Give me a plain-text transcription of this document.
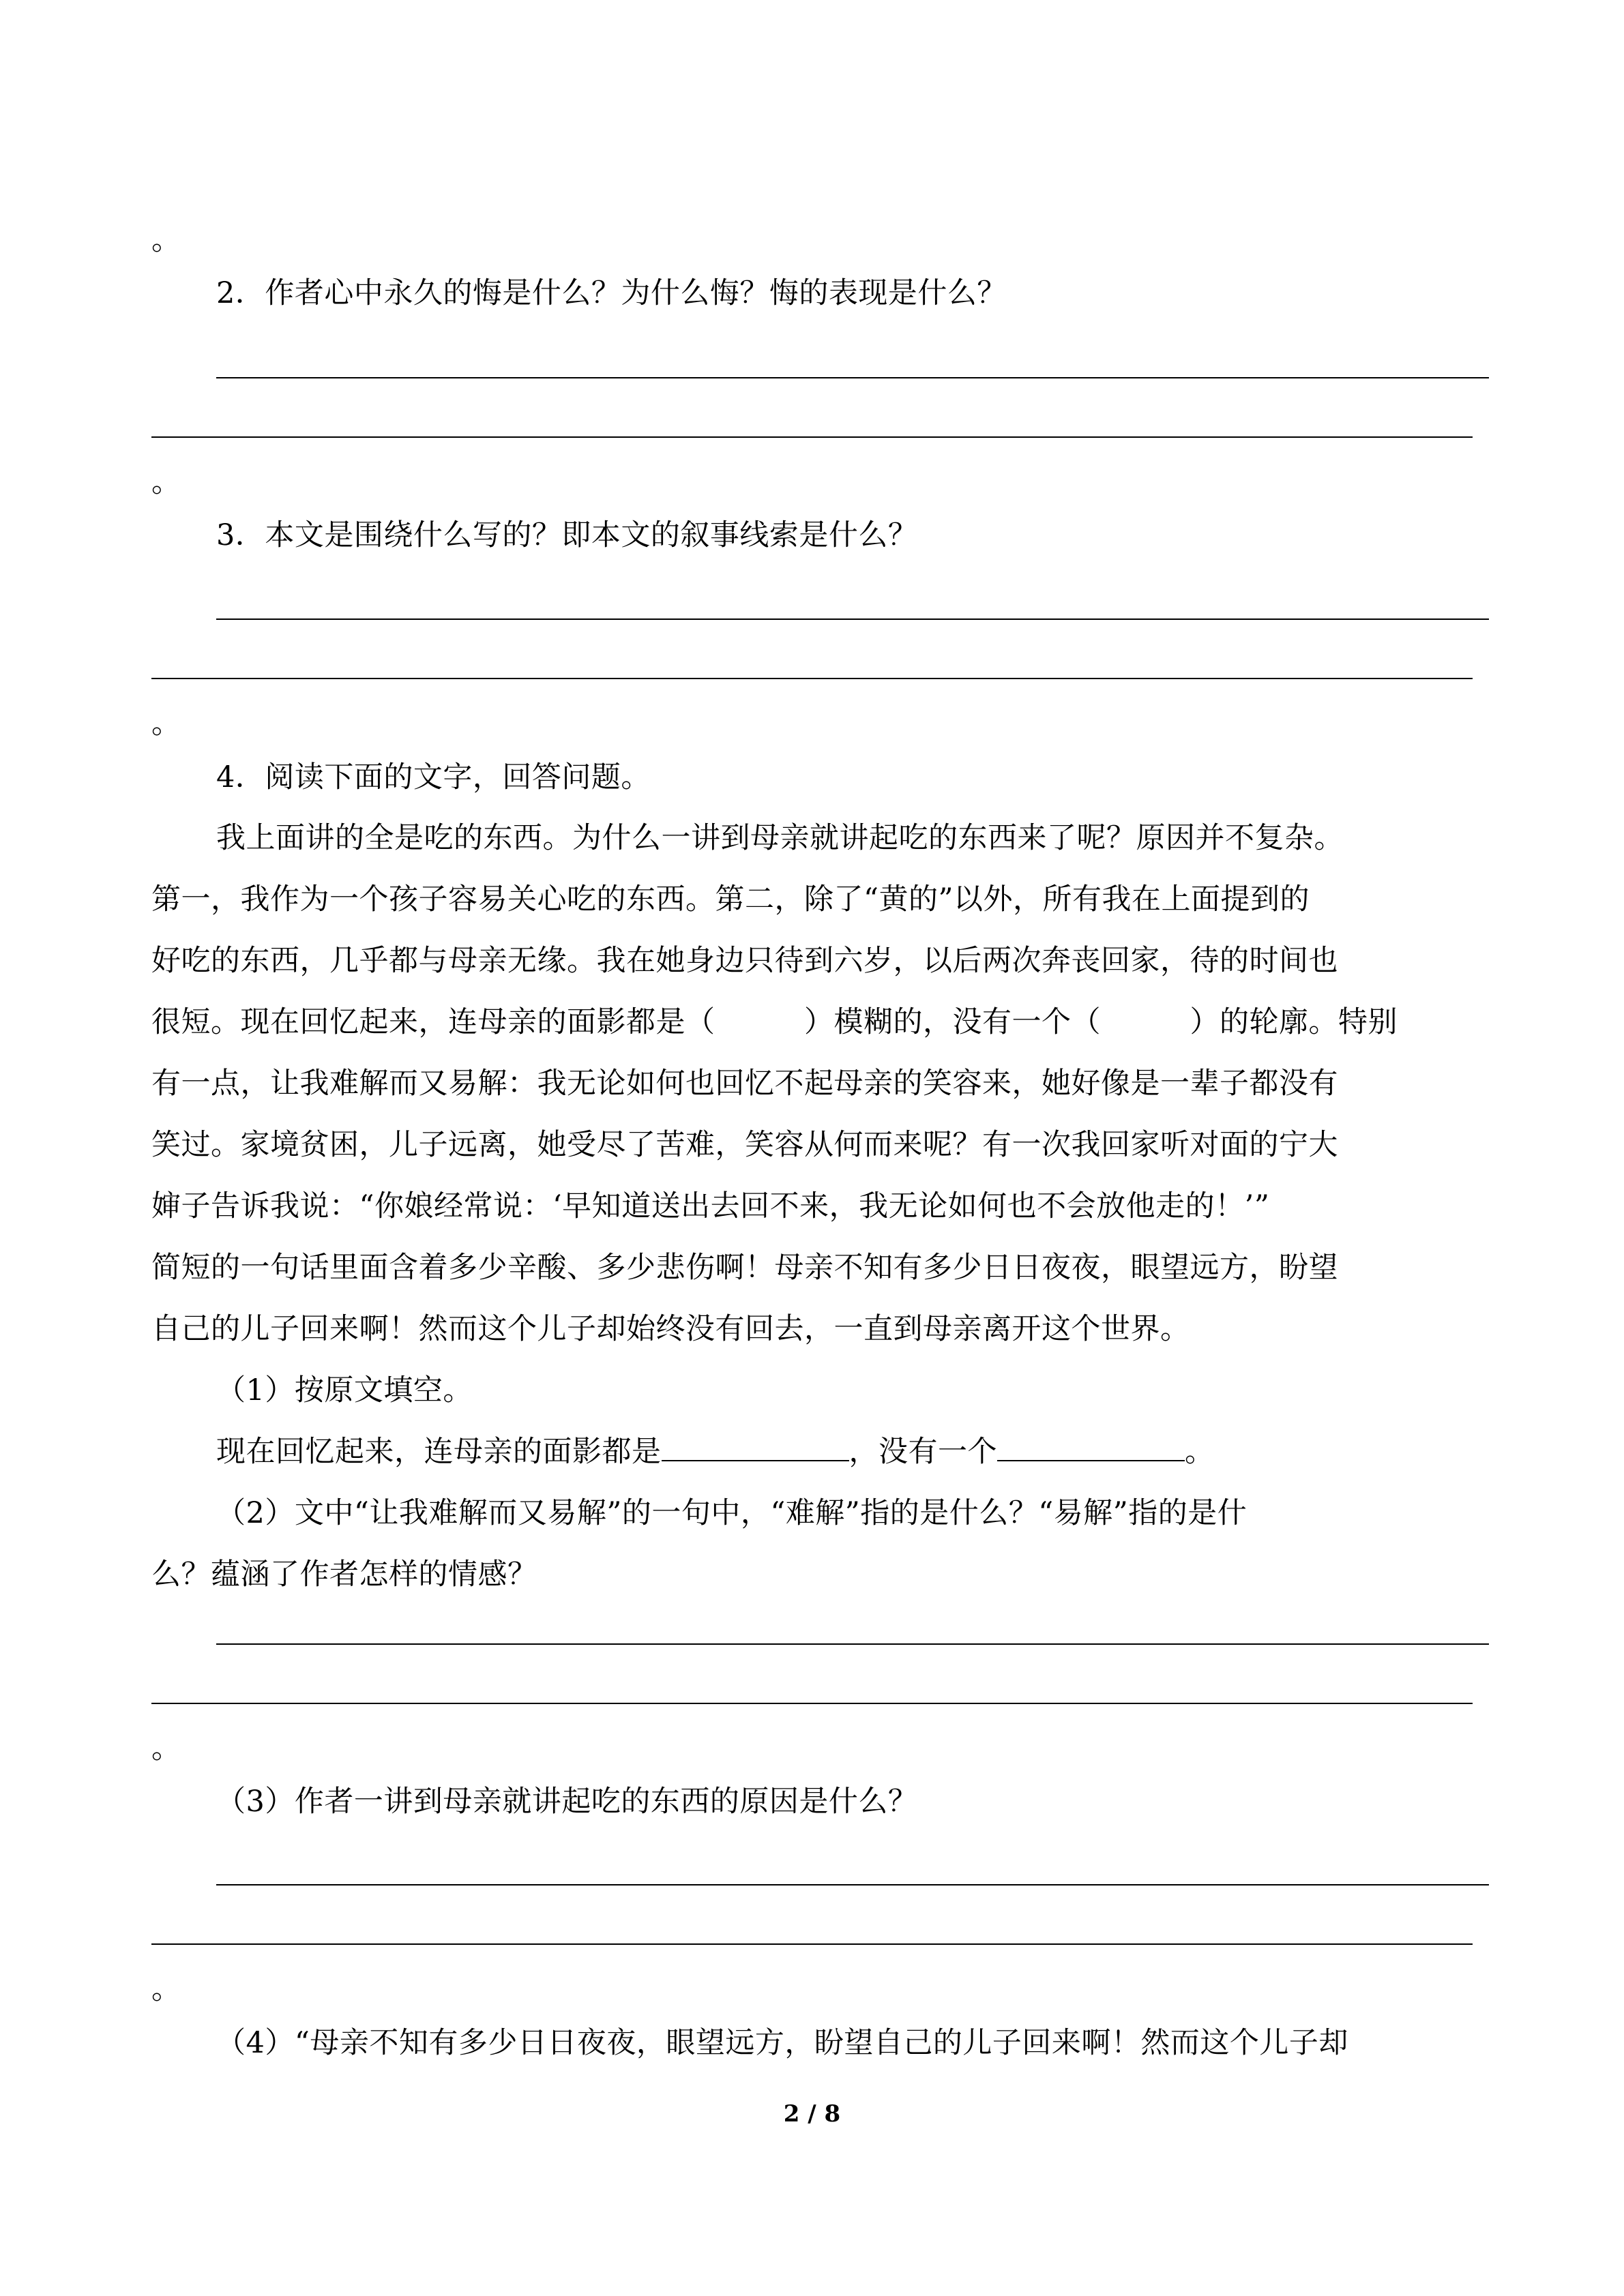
。
2．作者心中永久的悔是什么？为什么悔？悔的表现是什么？
。
3．本文是围绕什么写的？即本文的叙事线索是什么？
。
4．阅读下面的文字，回答问题。
我上面讲的全是吃的东西。为什么一讲到母亲就讲起吃的东西来了呢？原因并不复杂。
第一，我作为一个孩子容易关心吃的东西。第二，除了“黄的”以外，所有我在上面提到的
好吃的东西，几乎都与母亲无缘。我在她身边只待到六岁，以后两次奔丧回家，待的时间也
很短。现在回忆起来，连母亲的面影都是（　　　）模糊的，没有一个（　　　）的轮廓。特别
有一点，让我难解而又易解：我无论如何也回忆不起母亲的笑容来，她好像是一辈子都没有
笑过。家境贫困，儿子远离，她受尽了苦难，笑容从何而来呢？有一次我回家听对面的宁大
婶子告诉我说：“你娘经常说：‘早知道送出去回不来，我无论如何也不会放他走的！’”
简短的一句话里面含着多少辛酸、多少悲伤啊！母亲不知有多少日日夜夜，眼望远方，盼望
自己的儿子回来啊！然而这个儿子却始终没有回去，一直到母亲离开这个世界。
（1）按原文填空。
现在回忆起来，连母亲的面影都是	，没有一个	。
（2）文中“让我难解而又易解”的一句中，“难解”指的是什么？“易解”指的是什
么？蕴涵了作者怎样的情感？
。
（3）作者一讲到母亲就讲起吃的东西的原因是什么？
。
（4）“母亲不知有多少日日夜夜，眼望远方，盼望自己的儿子回来啊！然而这个儿子却
2 / 8
